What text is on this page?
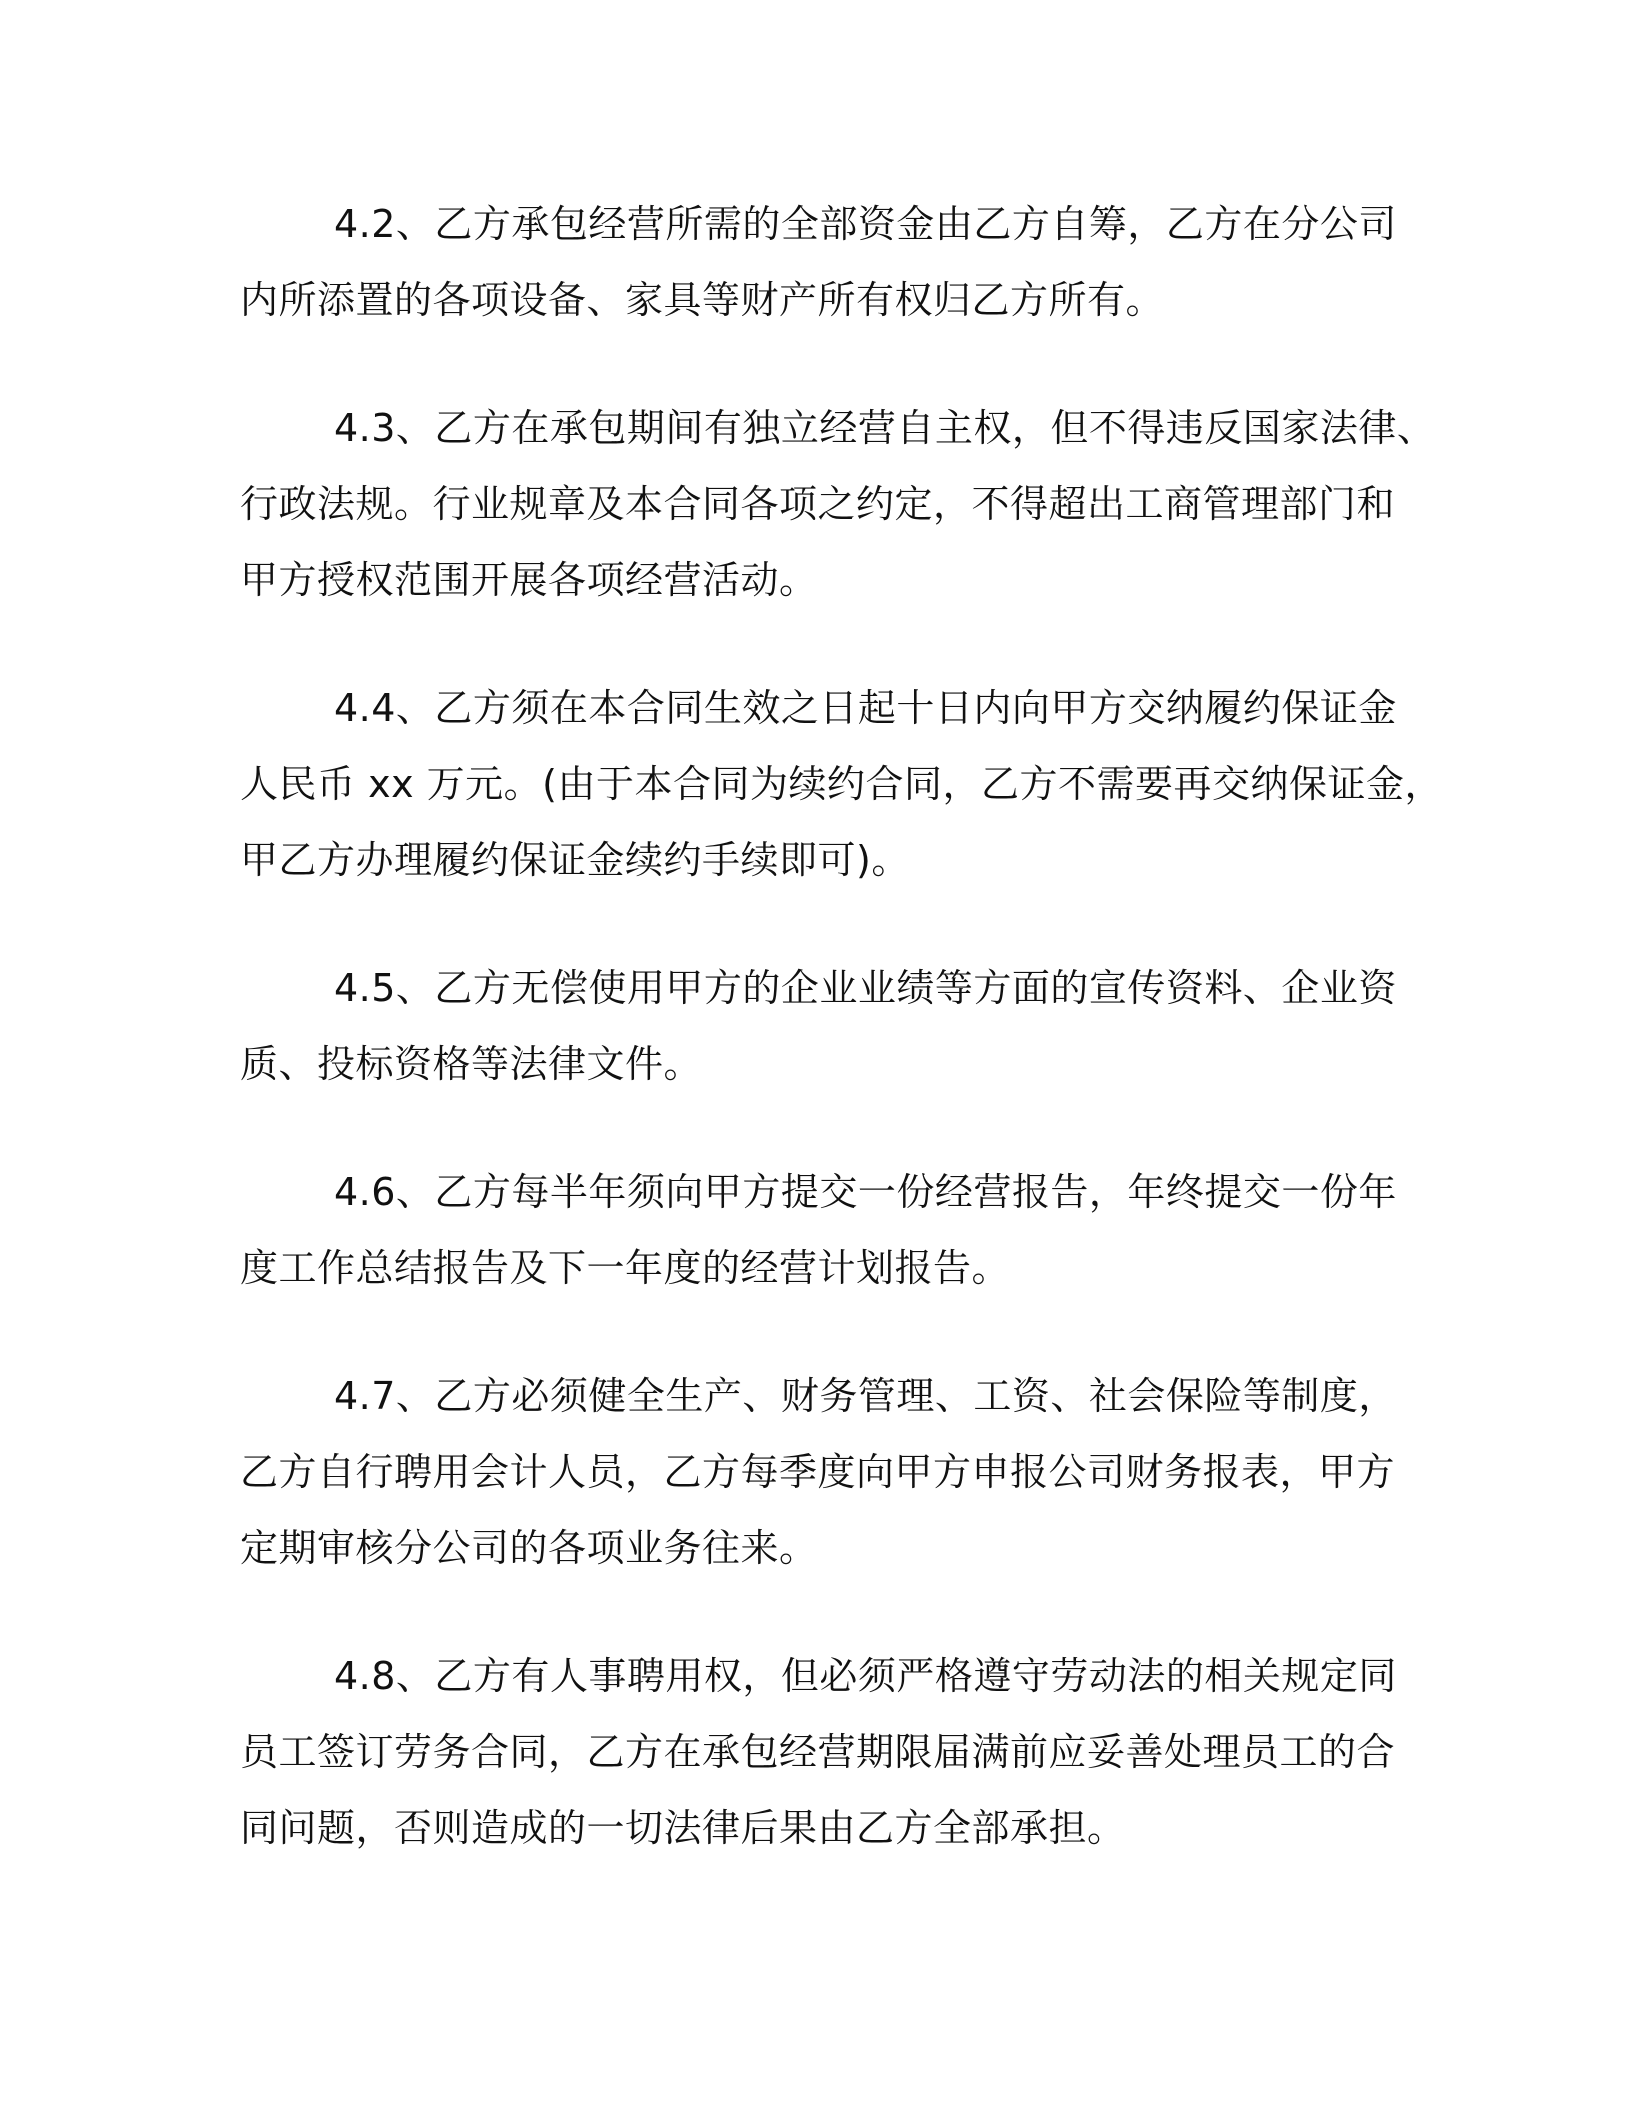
4.2、乙方承包经营所需的全部资金由乙方自筹，乙方在分公司
内所添置的各项设备、家具等财产所有权归乙方所有。
4.3、乙方在承包期间有独立经营自主权，但不得违反国家法律、
行政法规。行业规章及本合同各项之约定，不得超出工商管理部门和
甲方授权范围开展各项经营活动。
4.4、乙方须在本合同生效之日起十日内向甲方交纳履约保证金
人民币 xx 万元。(由于本合同为续约合同，乙方不需要再交纳保证金，
甲乙方办理履约保证金续约手续即可)。
4.5、乙方无偿使用甲方的企业业绩等方面的宣传资料、企业资
质、投标资格等法律文件。
4.6、乙方每半年须向甲方提交一份经营报告，年终提交一份年
度工作总结报告及下一年度的经营计划报告。
4.7、乙方必须健全生产、财务管理、工资、社会保险等制度，
乙方自行聘用会计人员，乙方每季度向甲方申报公司财务报表，甲方
定期审核分公司的各项业务往来。
4.8、乙方有人事聘用权，但必须严格遵守劳动法的相关规定同
员工签订劳务合同，乙方在承包经营期限届满前应妥善处理员工的合
同问题，否则造成的一切法律后果由乙方全部承担。
